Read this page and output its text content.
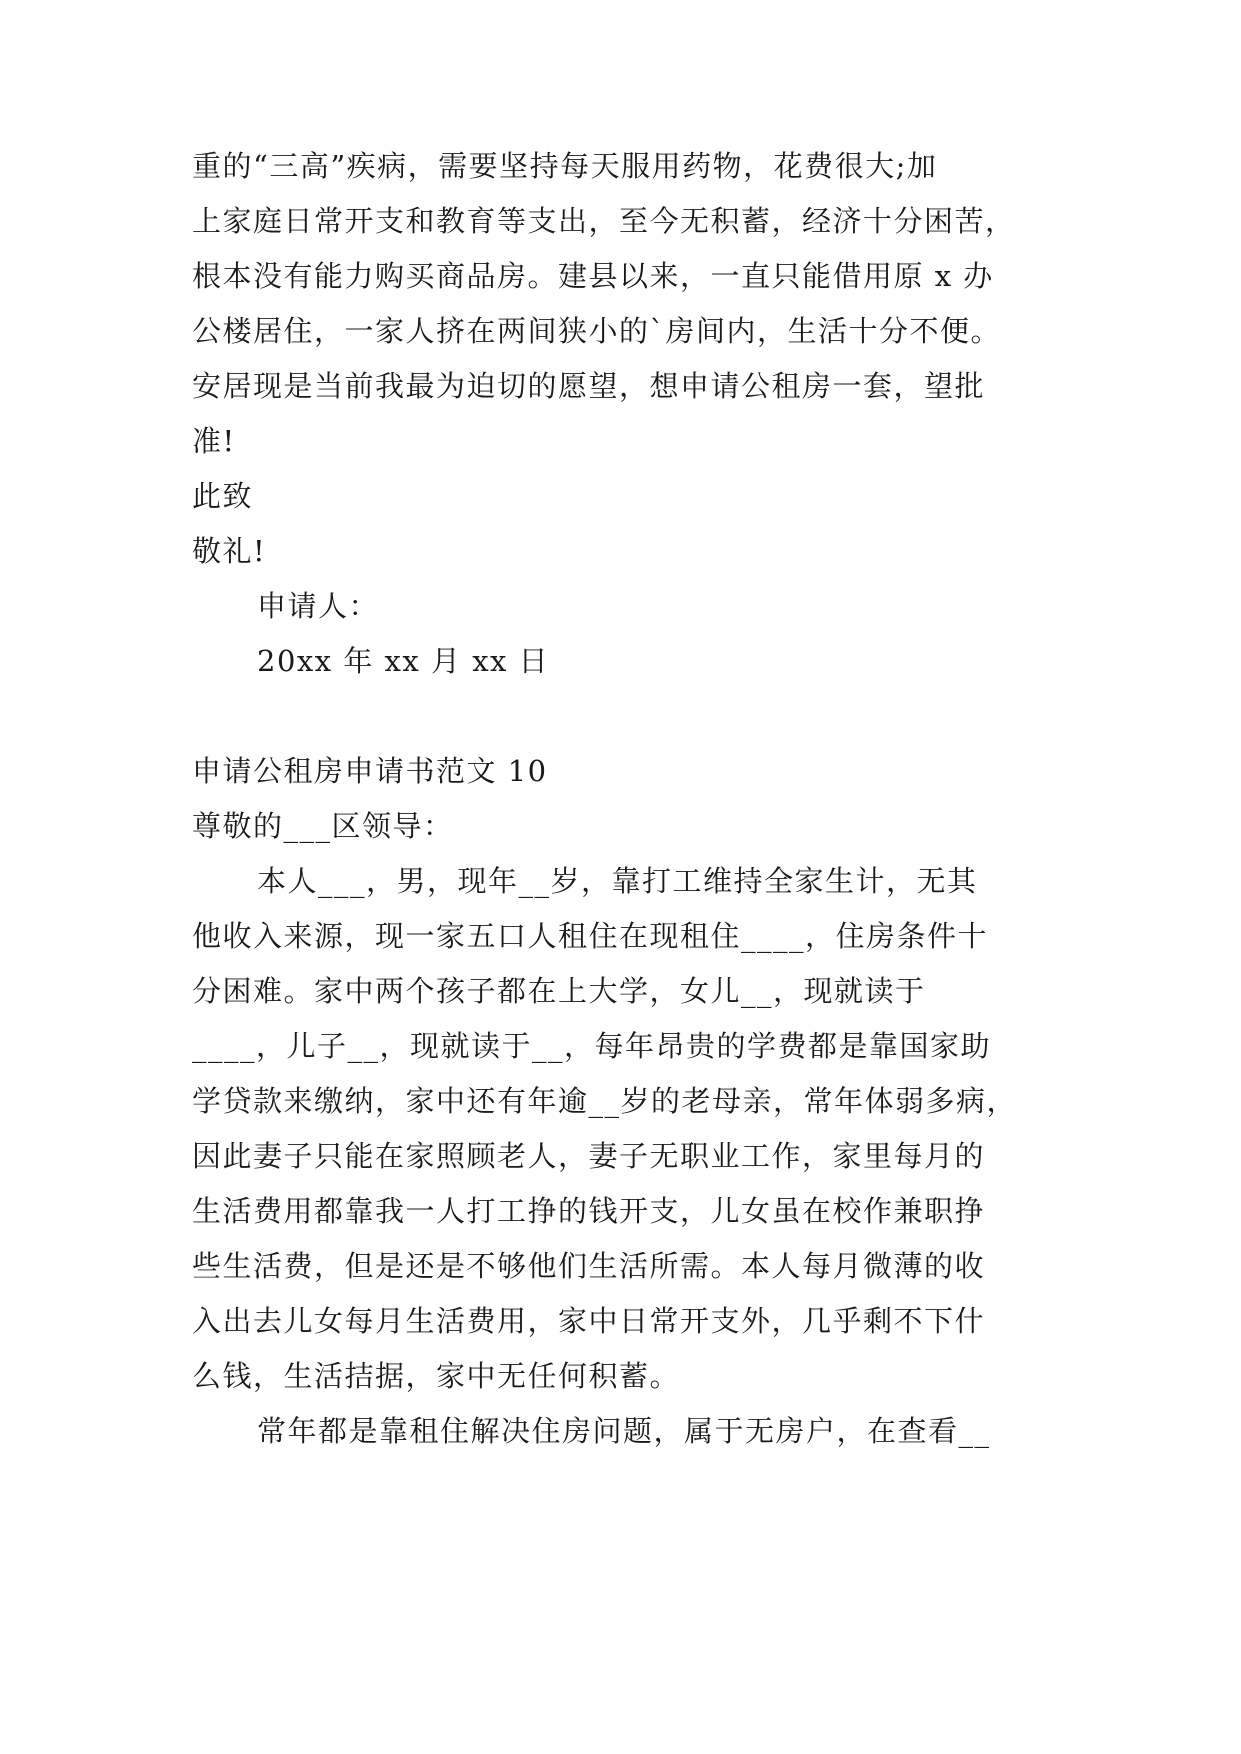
重的“三高”疾病，需要坚持每天服用药物，花费很大;加
上家庭日常开支和教育等支出，至今无积蓄，经济十分困苦，
根本没有能力购买商品房。建县以来，一直只能借用原 x 办
公楼居住，一家人挤在两间狭小的`房间内，生活十分不便。
安居现是当前我最为迫切的愿望，想申请公租房一套，望批
准!
此致
敬礼!
申请人：
20xx 年 xx 月 xx 日
申请公租房申请书范文 10
尊敬的___区领导：
本人___，男，现年__岁，靠打工维持全家生计，无其
他收入来源，现一家五口人租住在现租住____，住房条件十
分困难。家中两个孩子都在上大学，女儿__，现就读于
____，儿子__，现就读于__，每年昂贵的学费都是靠国家助
学贷款来缴纳，家中还有年逾__岁的老母亲，常年体弱多病，
因此妻子只能在家照顾老人，妻子无职业工作，家里每月的
生活费用都靠我一人打工挣的钱开支，儿女虽在校作兼职挣
些生活费，但是还是不够他们生活所需。本人每月微薄的收
入出去儿女每月生活费用，家中日常开支外，几乎剩不下什
么钱，生活拮据，家中无任何积蓄。
常年都是靠租住解决住房问题，属于无房户，在查看__
